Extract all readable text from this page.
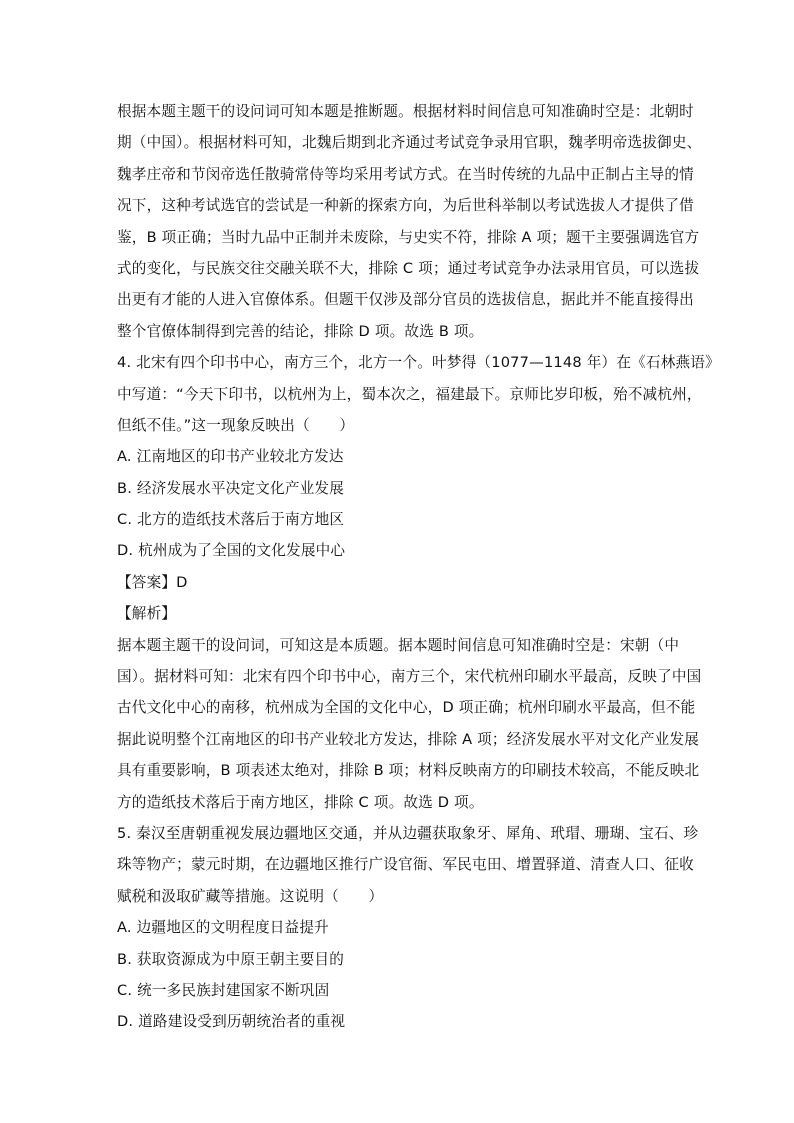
根据本题主题干的设问词可知本题是推断题。根据材料时间信息可知准确时空是：北朝时
期（中国）。根据材料可知，北魏后期到北齐通过考试竞争录用官职，魏孝明帝选拔御史、
魏孝庄帝和节闵帝选任散骑常侍等均采用考试方式。在当时传统的九品中正制占主导的情
况下，这种考试选官的尝试是一种新的探索方向，为后世科举制以考试选拔人才提供了借
鉴，B 项正确；当时九品中正制并未废除，与史实不符，排除 A 项；题干主要强调选官方
式的变化，与民族交往交融关联不大，排除 C 项；通过考试竞争办法录用官员，可以选拔
出更有才能的人进入官僚体系。但题干仅涉及部分官员的选拔信息，据此并不能直接得出
整个官僚体制得到完善的结论，排除 D 项。故选 B 项。
4. 北宋有四个印书中心，南方三个，北方一个。叶梦得（1077—1148 年）在《石林燕语》
中写道：“今天下印书，以杭州为上，蜀本次之，福建最下。京师比岁印板，殆不减杭州，
但纸不佳。”这一现象反映出（　　）
A. 江南地区的印书产业较北方发达
B. 经济发展水平决定文化产业发展
C. 北方的造纸技术落后于南方地区
D. 杭州成为了全国的文化发展中心
【答案】D
【解析】
据本题主题干的设问词，可知这是本质题。据本题时间信息可知准确时空是：宋朝（中
国）。据材料可知：北宋有四个印书中心，南方三个，宋代杭州印刷水平最高，反映了中国
古代文化中心的南移，杭州成为全国的文化中心，D 项正确；杭州印刷水平最高，但不能
据此说明整个江南地区的印书产业较北方发达，排除 A 项；经济发展水平对文化产业发展
具有重要影响，B 项表述太绝对，排除 B 项；材料反映南方的印刷技术较高，不能反映北
方的造纸技术落后于南方地区，排除 C 项。故选 D 项。
5. 秦汉至唐朝重视发展边疆地区交通，并从边疆获取象牙、犀角、玳瑁、珊瑚、宝石、珍
珠等物产；蒙元时期，在边疆地区推行广设官衙、军民屯田、增置驿道、清查人口、征收
赋税和汲取矿藏等措施。这说明（　　）
A. 边疆地区的文明程度日益提升
B. 获取资源成为中原王朝主要目的
C. 统一多民族封建国家不断巩固
D. 道路建设受到历朝统治者的重视
